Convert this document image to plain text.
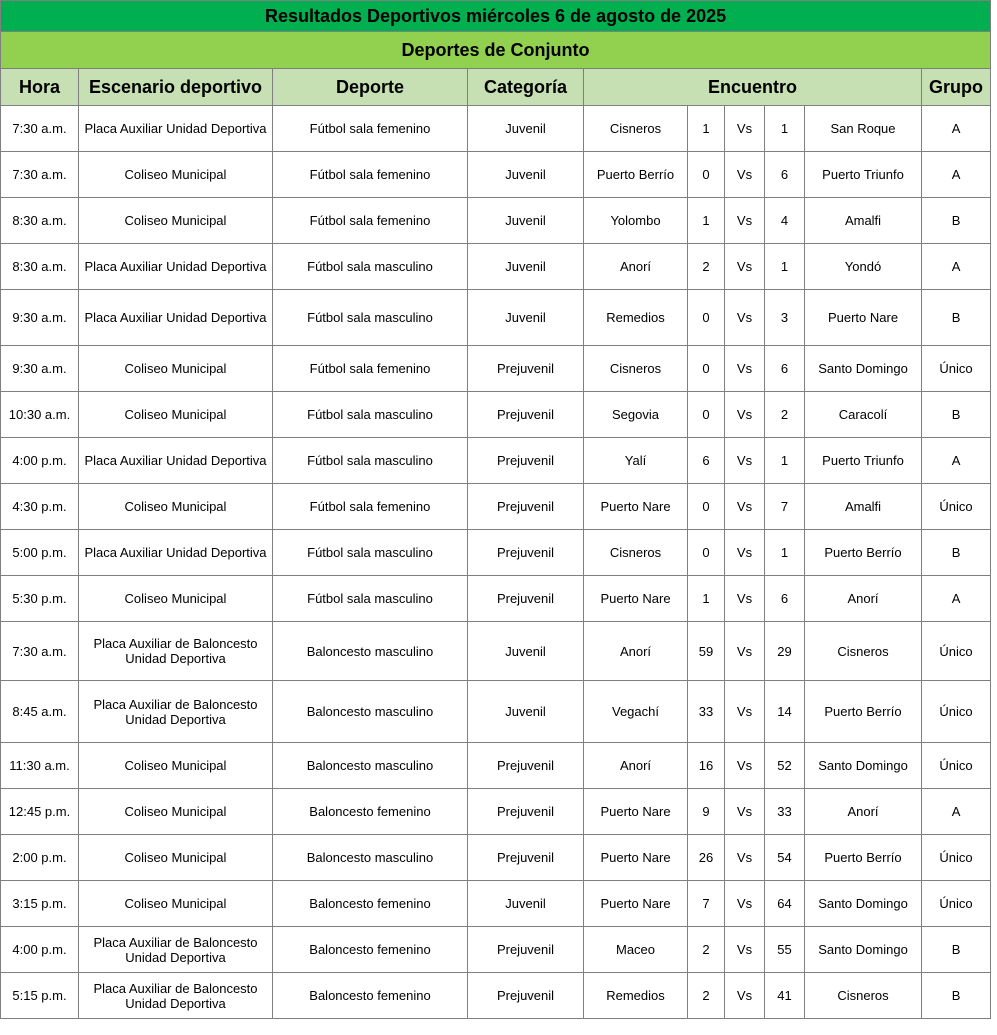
Resultados Deportivos miércoles 6 de agosto de 2025									
Deportes de Conjunto									
Hora	Escenario deportivo	Deporte	Categoría	Encuentro					Grupo
7:30 a.m.	Placa Auxiliar Unidad Deportiva	Fútbol sala femenino	Juvenil	Cisneros	1	Vs	1	San Roque	A
7:30 a.m.	Coliseo Municipal	Fútbol sala femenino	Juvenil	Puerto Berrío	0	Vs	6	Puerto Triunfo	A
8:30 a.m.	Coliseo Municipal	Fútbol sala femenino	Juvenil	Yolombo	1	Vs	4	Amalfi	B
8:30 a.m.	Placa Auxiliar Unidad Deportiva	Fútbol sala masculino	Juvenil	Anorí	2	Vs	1	Yondó	A
9:30 a.m.	Placa Auxiliar Unidad Deportiva	Fútbol sala masculino	Juvenil	Remedios	0	Vs	3	Puerto Nare	B
9:30 a.m.	Coliseo Municipal	Fútbol sala femenino	Prejuvenil	Cisneros	0	Vs	6	Santo Domingo	Único
10:30 a.m.	Coliseo Municipal	Fútbol sala masculino	Prejuvenil	Segovia	0	Vs	2	Caracolí	B
4:00 p.m.	Placa Auxiliar Unidad Deportiva	Fútbol sala masculino	Prejuvenil	Yalí	6	Vs	1	Puerto Triunfo	A
4:30 p.m.	Coliseo Municipal	Fútbol sala femenino	Prejuvenil	Puerto Nare	0	Vs	7	Amalfi	Único
5:00 p.m.	Placa Auxiliar Unidad Deportiva	Fútbol sala masculino	Prejuvenil	Cisneros	0	Vs	1	Puerto Berrío	B
5:30 p.m.	Coliseo Municipal	Fútbol sala masculino	Prejuvenil	Puerto Nare	1	Vs	6	Anorí	A
7:30 a.m.	Placa Auxiliar de Baloncesto Unidad Deportiva	Baloncesto masculino	Juvenil	Anorí	59	Vs	29	Cisneros	Único
8:45 a.m.	Placa Auxiliar de Baloncesto Unidad Deportiva	Baloncesto masculino	Juvenil	Vegachí	33	Vs	14	Puerto Berrío	Único
11:30 a.m.	Coliseo Municipal	Baloncesto masculino	Prejuvenil	Anorí	16	Vs	52	Santo Domingo	Único
12:45 p.m.	Coliseo Municipal	Baloncesto femenino	Prejuvenil	Puerto Nare	9	Vs	33	Anorí	A
2:00 p.m.	Coliseo Municipal	Baloncesto masculino	Prejuvenil	Puerto Nare	26	Vs	54	Puerto Berrío	Único
3:15 p.m.	Coliseo Municipal	Baloncesto femenino	Juvenil	Puerto Nare	7	Vs	64	Santo Domingo	Único
4:00 p.m.	Placa Auxiliar de Baloncesto Unidad Deportiva	Baloncesto femenino	Prejuvenil	Maceo	2	Vs	55	Santo Domingo	B
5:15 p.m.	Placa Auxiliar de Baloncesto Unidad Deportiva	Baloncesto femenino	Prejuvenil	Remedios	2	Vs	41	Cisneros	B
